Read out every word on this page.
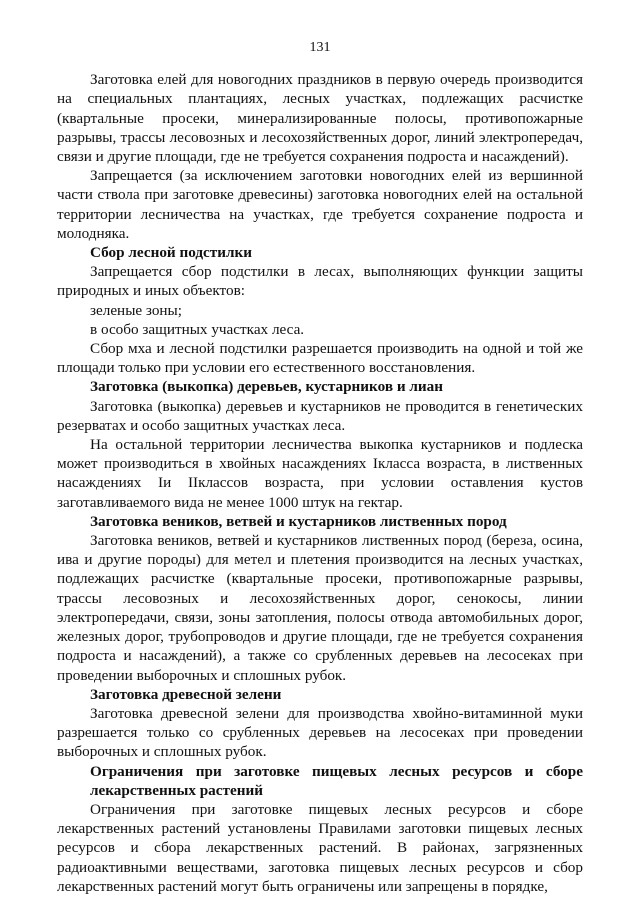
131

Заготовка елей для новогодних праздников в первую очередь производится на специальных плантациях, лесных участках, подлежащих расчистке (квартальные просеки, минерализированные полосы, противопожарные разрывы, трассы лесовозных и лесохозяйственных дорог, линий электропередач, связи и другие площади, где не требуется сохранения подроста и насаждений).

Запрещается (за исключением заготовки новогодних елей из вершинной части ствола при заготовке древесины) заготовка новогодних елей на остальной территории лесничества на участках, где требуется сохранение подроста и молодняка.

Сбор лесной подстилки

Запрещается сбор подстилки в лесах, выполняющих функции защиты природных и иных объектов:

зеленые зоны;

в особо защитных участках леса.

Сбор мха и лесной подстилки разрешается производить на одной и той же площади только при условии его естественного восстановления.

Заготовка (выкопка) деревьев, кустарников и лиан

Заготовка (выкопка) деревьев и кустарников не проводится в генетических резерватах и особо защитных участках леса.

На остальной территории лесничества выкопка кустарников и подлеска может производиться в хвойных насаждениях Iкласса возраста, в лиственных насаждениях Iи IIклассов возраста, при условии оставления кустов заготавливаемого вида не менее 1000 штук на гектар.

Заготовка веников, ветвей и кустарников лиственных пород

Заготовка веников, ветвей и кустарников лиственных пород (береза, осина, ива и другие породы) для метел и плетения производится на лесных участках, подлежащих расчистке (квартальные просеки, противопожарные разрывы, трассы лесовозных и лесохозяйственных дорог, сенокосы, линии электропередачи, связи, зоны затопления, полосы отвода автомобильных дорог, железных дорог, трубопроводов и другие площади, где не требуется сохранения подроста и насаждений), а также со срубленных деревьев на лесосеках при проведении выборочных и сплошных рубок.

Заготовка древесной зелени

Заготовка древесной зелени для производства хвойно-витаминной муки разрешается только со срубленных деревьев на лесосеках при проведении выборочных и сплошных рубок.

Ограничения при заготовке пищевых лесных ресурсов и сборе лекарственных растений

Ограничения при заготовке пищевых лесных ресурсов и сборе лекарственных растений установлены Правилами заготовки пищевых лесных ресурсов и сбора лекарственных растений. В районах, загрязненных радиоактивными веществами, заготовка пищевых лесных ресурсов и сбор лекарственных растений могут быть ограничены или запрещены в порядке,
